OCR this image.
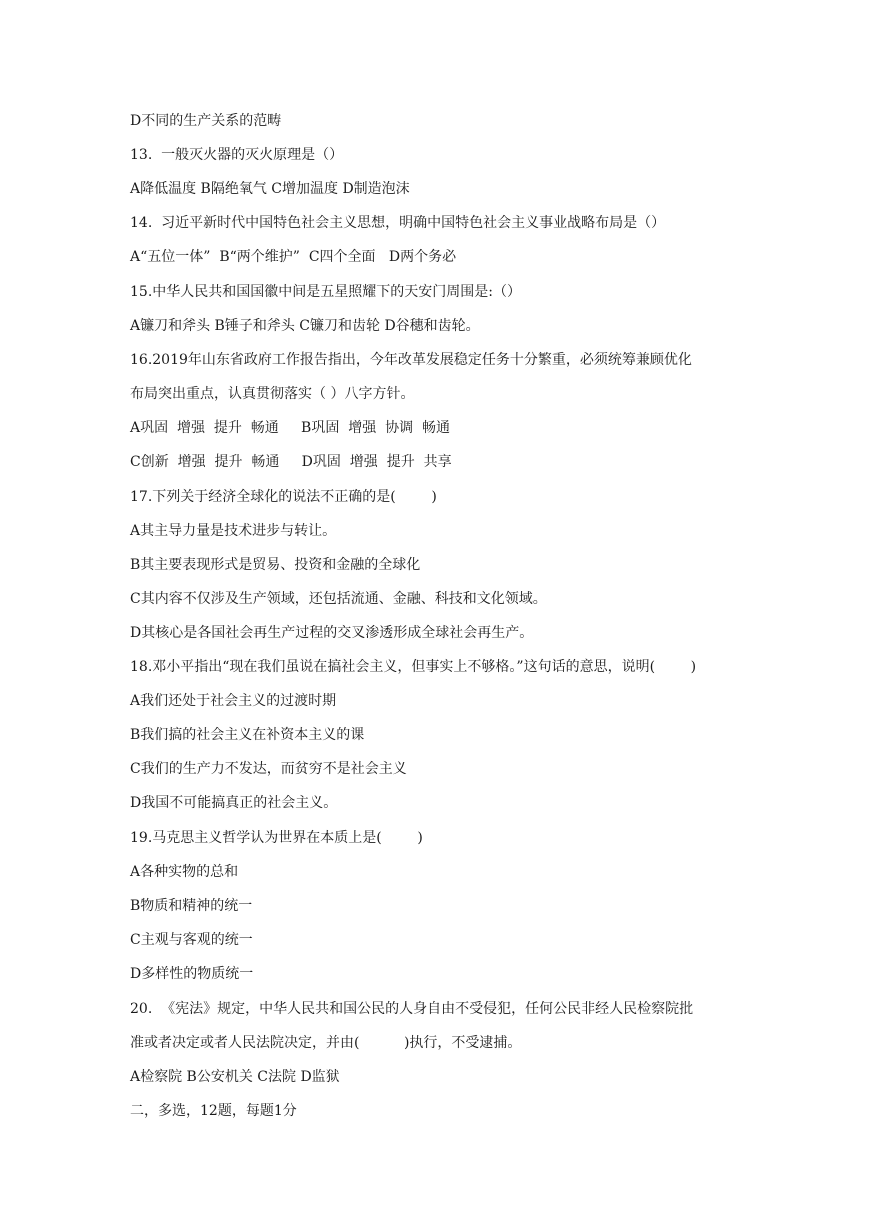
D不同的生产关系的范畴
13.  一般灭火器的灭火原理是（）
A降低温度 B隔绝氧气 C增加温度 D制造泡沫
14.  习近平新时代中国特色社会主义思想，明确中国特色社会主义事业战略布局是（）
A“五位一体”  B“两个维护”  C四个全面   D两个务必
15.中华人民共和国国徽中间是五星照耀下的天安门周围是:（）
A镰刀和斧头 B锤子和斧头 C镰刀和齿轮 D谷穗和齿轮。
16.2019年山东省政府工作报告指出，今年改革发展稳定任务十分繁重，必须统筹兼顾优化
布局突出重点，认真贯彻落实（ ）八字方针。
A巩固  增强  提升  畅通     B巩固  增强  协调  畅通
C创新  增强  提升  畅通     D巩固  增强  提升  共享
17.下列关于经济全球化的说法不正确的是(        )
A其主导力量是技术进步与转让。
B其主要表现形式是贸易、投资和金融的全球化
C其内容不仅涉及生产领域，还包括流通、金融、科技和文化领域。
D其核心是各国社会再生产过程的交叉渗透形成全球社会再生产。
18.邓小平指出“现在我们虽说在搞社会主义，但事实上不够格。”这句话的意思，说明(        )
A我们还处于社会主义的过渡时期
B我们搞的社会主义在补资本主义的课
C我们的生产力不发达，而贫穷不是社会主义
D我国不可能搞真正的社会主义。
19.马克思主义哲学认为世界在本质上是(        )
A各种实物的总和
B物质和精神的统一
C主观与客观的统一
D多样性的物质统一
20.  《宪法》规定，中华人民共和国公民的人身自由不受侵犯，任何公民非经人民检察院批
准或者决定或者人民法院决定，并由(          )执行，不受逮捕。
A检察院 B公安机关 C法院 D监狱
二，多选，12题，每题1分
